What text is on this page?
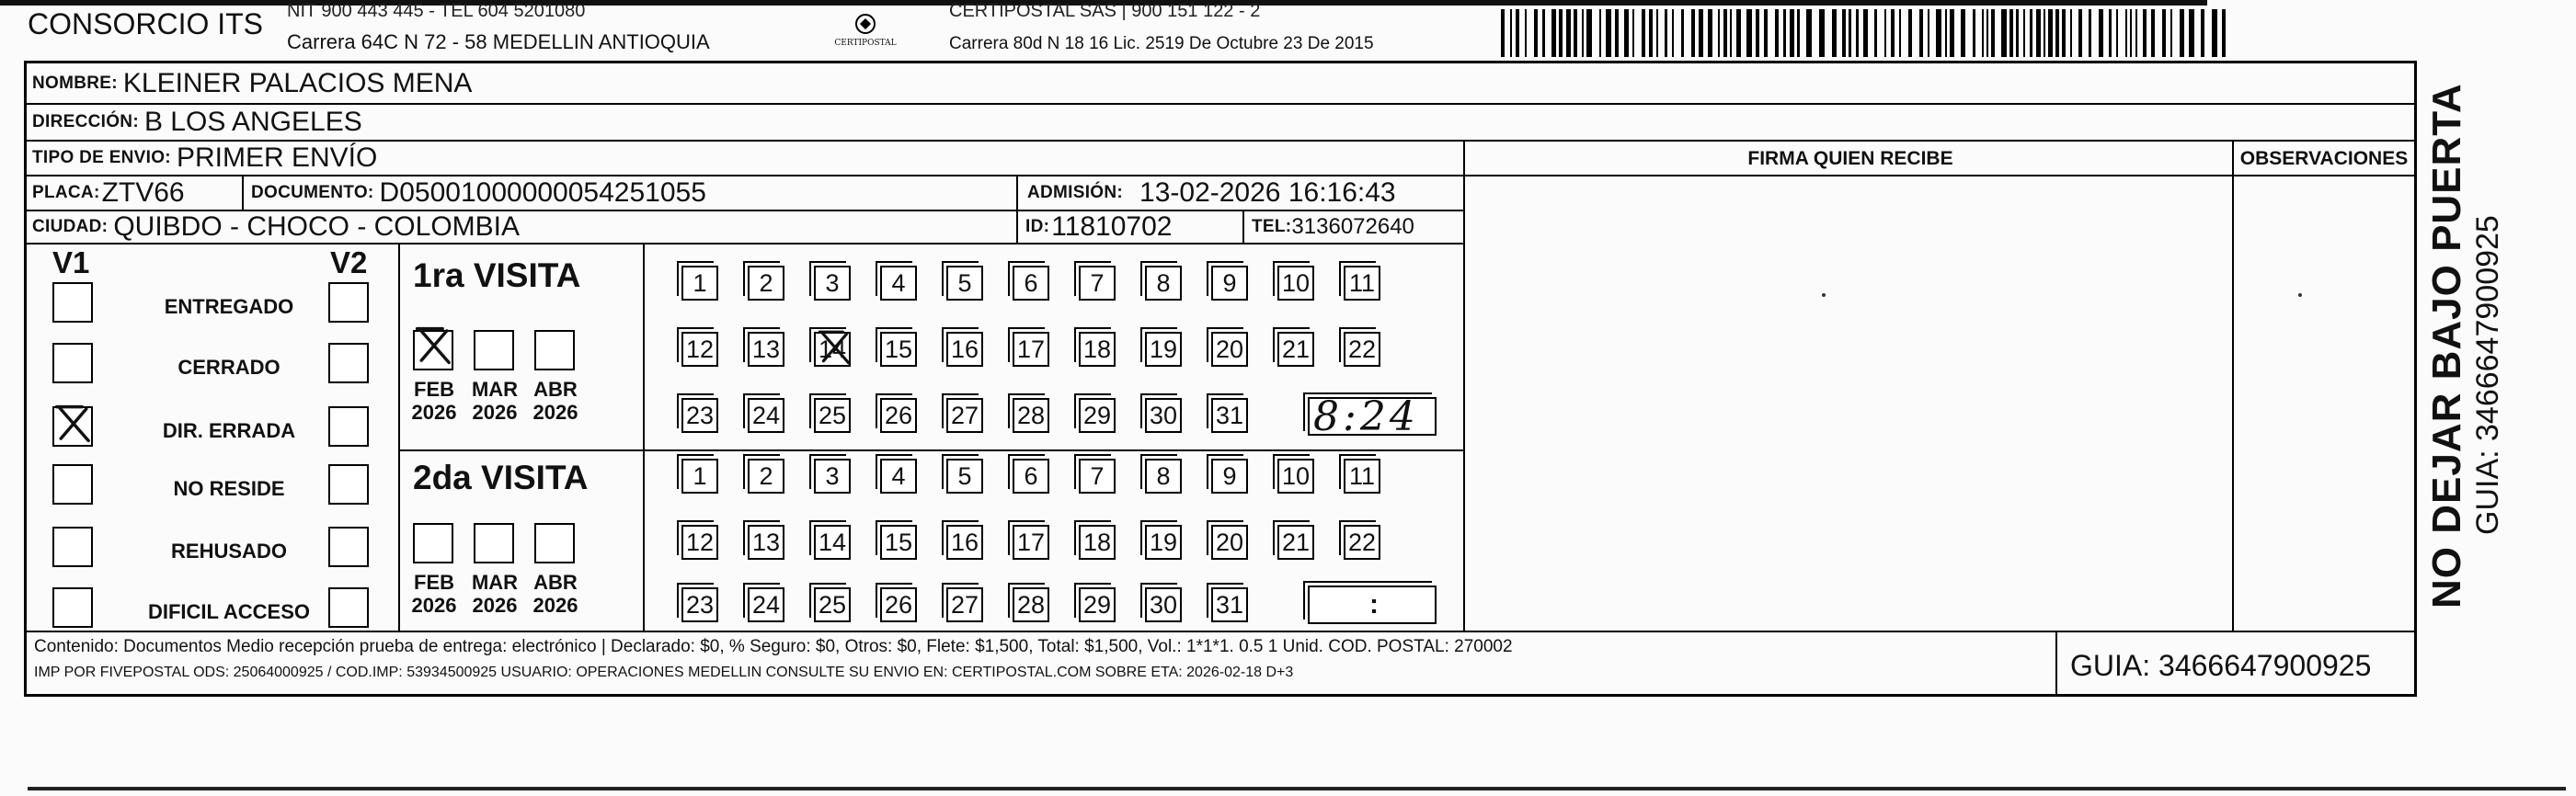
CONSORCIO ITS NIT 900 443 445 - TEL 604 5201080
Carrera 64C N 72 - 58 MEDELLIN ANTIOQUIA	CERTIPOSTAL
CERTIPOSTAL SAS | 900 151 122 - 2
Carrera 80d N 18 16 Lic. 2519 De Octubre 23 De 2015
NOMBRE: KLEINER PALACIOS MENA
DIRECCIÓN: B LOS ANGELES
TIPO DE ENVIO: PRIMER ENVÍO	FIRMA QUIEN RECIBE	OBSERVACIONES
PLACA: ZTV66	DOCUMENTO: D05001000000054251055	ADMISIÓN: 13-02-2026 16:16:43
CIUDAD: QUIBDO - CHOCO - COLOMBIA	ID: 11810702	TEL: 3136072640
V1	V2
ENTREGADO
CERRADO
DIR. ERRADA
NO RESIDE
REHUSADO
DIFICIL ACCESO
1ra VISITA
2da VISITA
FEB
2026
MAR
2026
ABR
2026
FEB
2026
MAR
2026
ABR
2026
1	2	3	4	5	6	7	8	9	10 11
12 13 14 15 16 17 18 19 20 21 22
23 24 25 26 27 28 29 30 31
1	2	3	4	5	6	7	8	9	10 11
12 13 14 15 16 17 18 19 20 21 22
23 24 25 26 27 28 29 30 31
8:24
:
Contenido: Documentos Medio recepción prueba de entrega: electrónico | Declarado: $0, % Seguro: $0, Otros: $0, Flete: $1,500, Total: $1,500, Vol.: 1*1*1. 0.5 1 Unid. COD. POSTAL: 270002
IMP POR FIVEPOSTAL ODS: 25064000925 / COD.IMP: 53934500925 USUARIO: OPERACIONES MEDELLIN CONSULTE SU ENVIO EN: CERTIPOSTAL.COM SOBRE ETA: 2026-02-18 D+3	GUIA: 3466647900925
NO DEJAR BAJO PUERTA GUIA: 3466647900925
